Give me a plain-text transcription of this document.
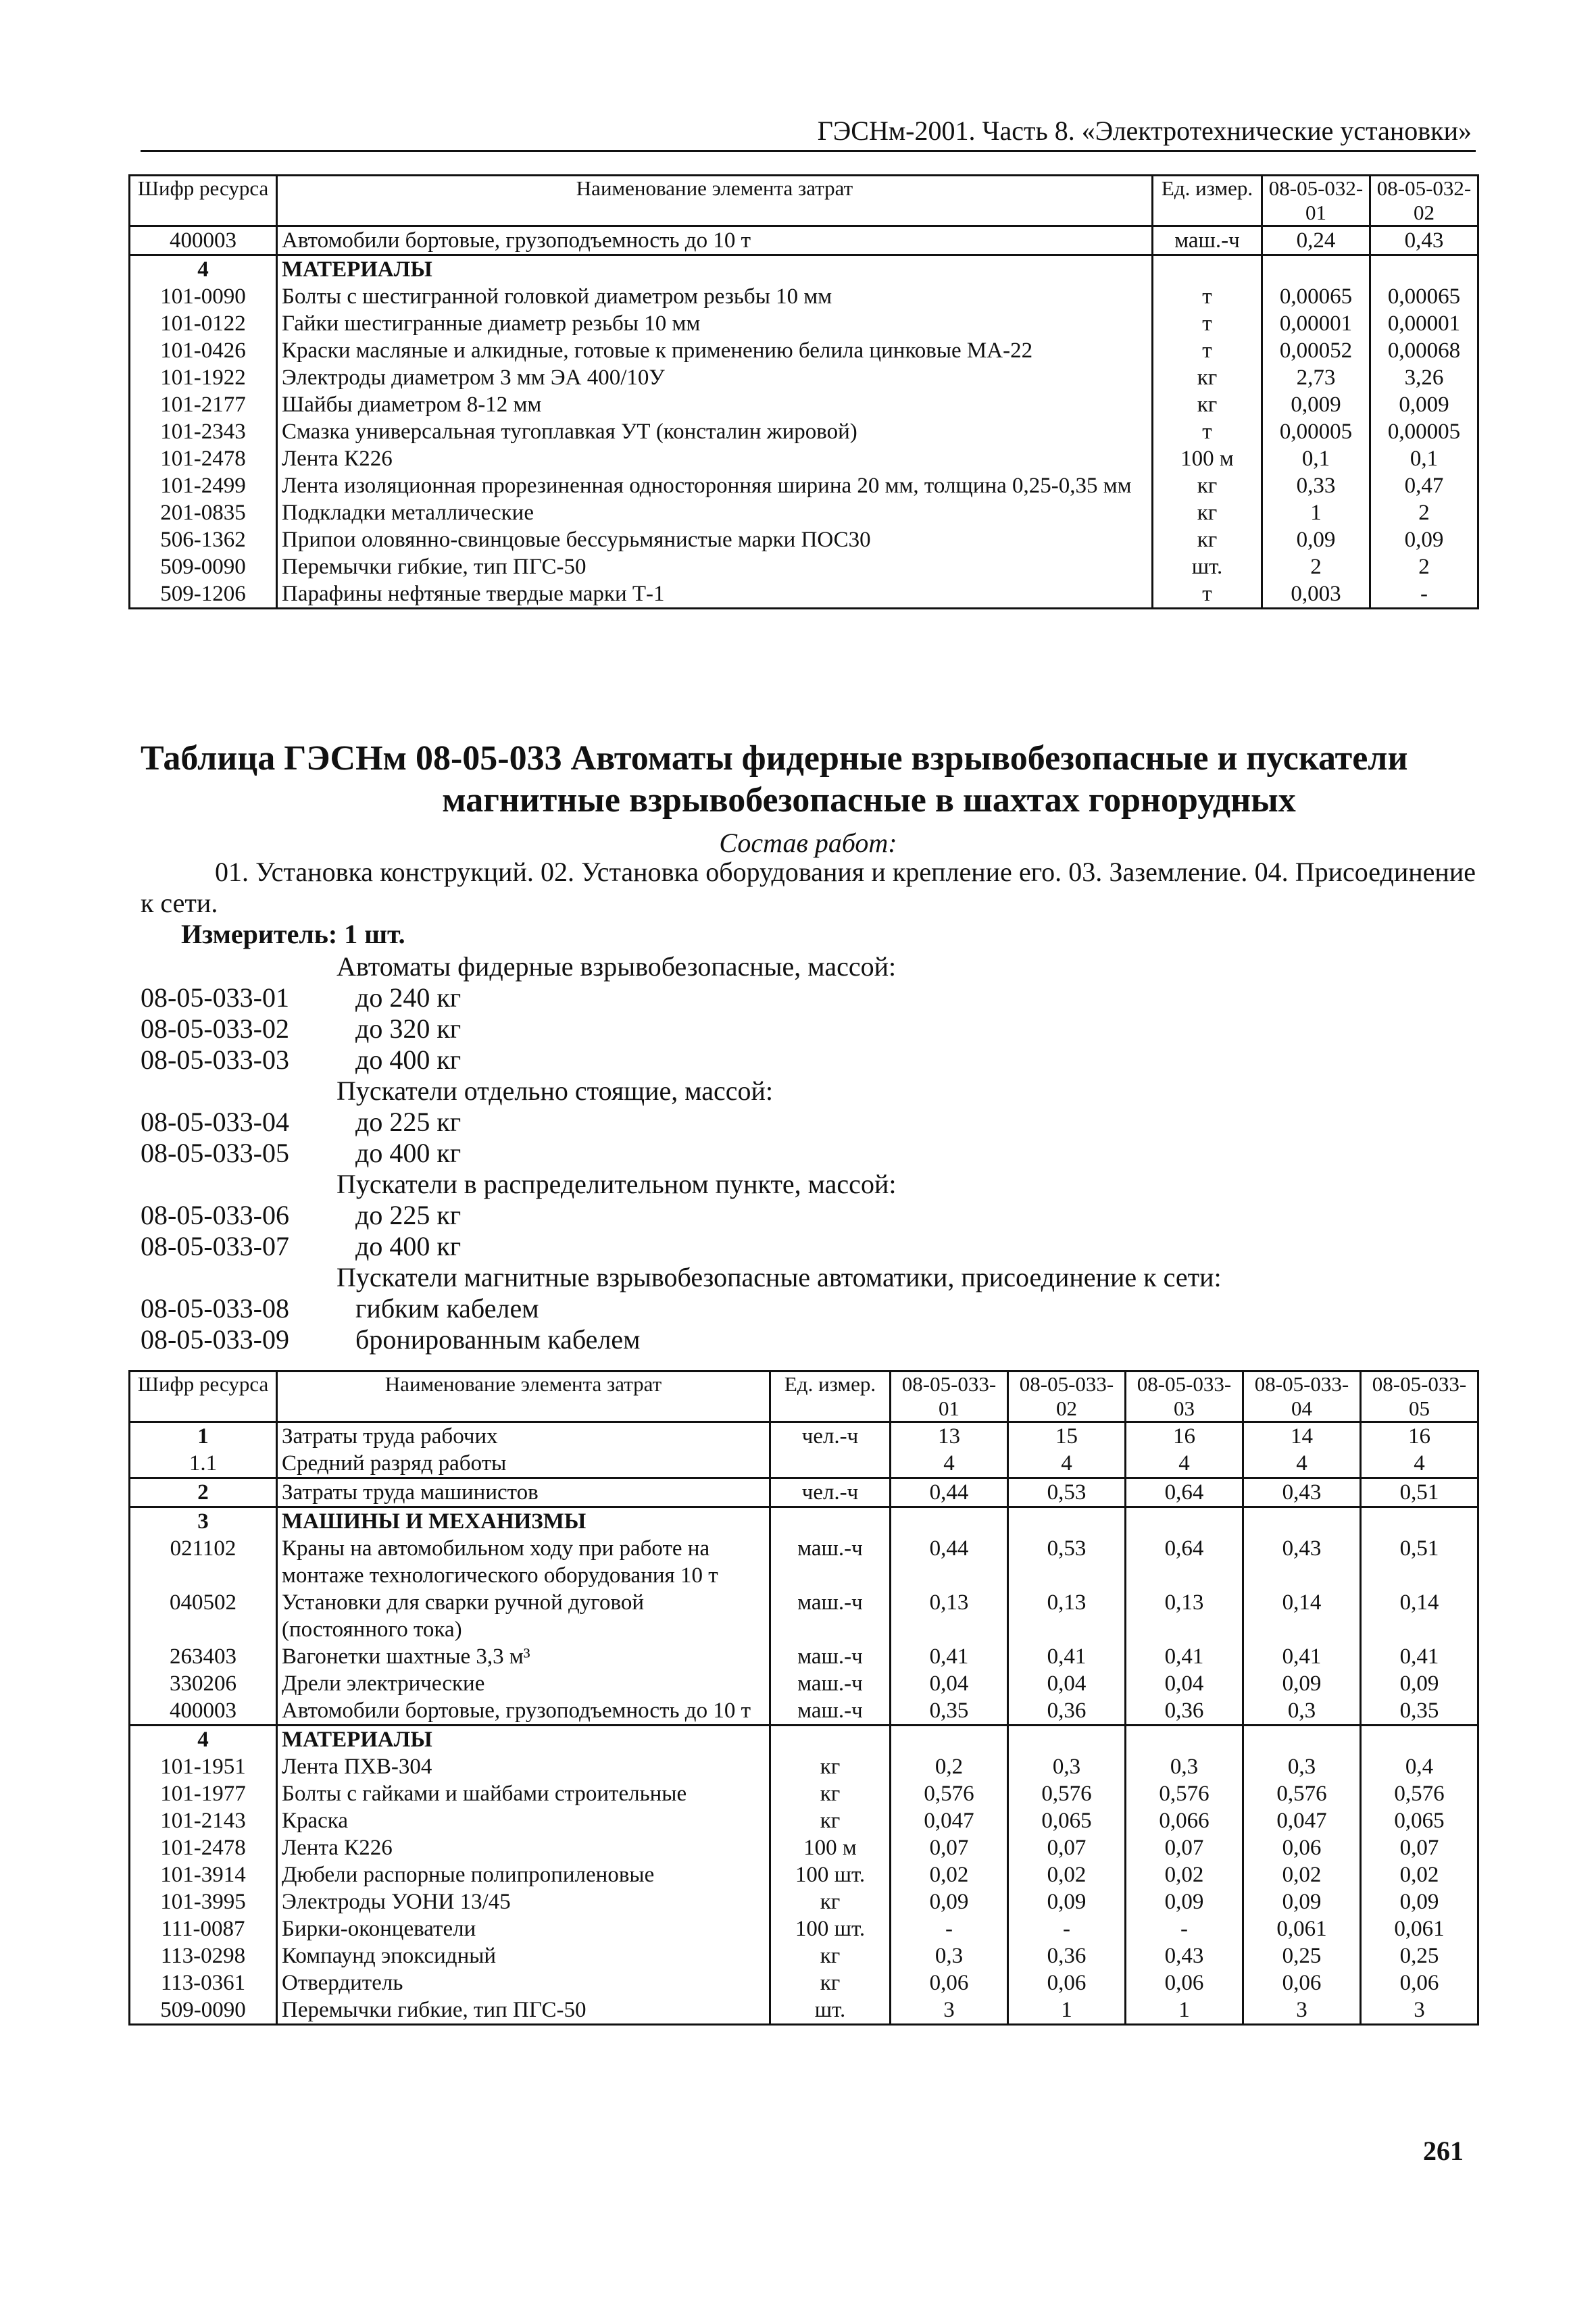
ГЭСНм-2001. Часть 8. «Электротехнические установки»
Шифр ресурса	Наименование элемента затрат	Ед. измер.	08-05-032-01	08-05-032-02
400003	Автомобили бортовые, грузоподъемность до 10 т	маш.-ч	0,24	0,43
4	МАТЕРИАЛЫ			
101-0090	Болты с шестигранной головкой диаметром резьбы 10 мм	т	0,00065	0,00065
101-0122	Гайки шестигранные диаметр резьбы 10 мм	т	0,00001	0,00001
101-0426	Краски масляные и алкидные, готовые к применению белила цинковые МА-22	т	0,00052	0,00068
101-1922	Электроды диаметром 3 мм ЭА 400/10У	кг	2,73	3,26
101-2177	Шайбы диаметром 8-12 мм	кг	0,009	0,009
101-2343	Смазка универсальная тугоплавкая УТ (консталин жировой)	т	0,00005	0,00005
101-2478	Лента К226	100 м	0,1	0,1
101-2499	Лента изоляционная прорезиненная односторонняя ширина 20 мм, толщина 0,25-0,35 мм	кг	0,33	0,47
201-0835	Подкладки металлические	кг	1	2
506-1362	Припои оловянно-свинцовые бессурьмянистые марки ПОС30	кг	0,09	0,09
509-0090	Перемычки гибкие, тип ПГС-50	шт.	2	2
509-1206	Парафины нефтяные твердые марки Т-1	т	0,003	-
Таблица ГЭСНм 08-05-033 Автоматы фидерные взрывобезопасные и пускатели
магнитные взрывобезопасные в шахтах горнорудных
Состав работ:
01. Установка конструкций. 02. Установка оборудования и крепление его. 03. Заземление. 04. Присоединение к сети.
Измеритель: 1 шт.
Автоматы фидерные взрывобезопасные, массой:
08-05-033-01	до 240 кг
08-05-033-02	до 320 кг
08-05-033-03	до 400 кг
Пускатели отдельно стоящие, массой:
08-05-033-04	до 225 кг
08-05-033-05	до 400 кг
Пускатели в распределительном пункте, массой:
08-05-033-06	до 225 кг
08-05-033-07	до 400 кг
Пускатели магнитные взрывобезопасные автоматики, присоединение к сети:
08-05-033-08	гибким кабелем
08-05-033-09	бронированным кабелем
Шифр ресурса	Наименование элемента затрат	Ед. измер.	08-05-033-01	08-05-033-02	08-05-033-03	08-05-033-04	08-05-033-05
1	Затраты труда рабочих	чел.-ч	13	15	16	14	16
1.1	Средний разряд работы		4	4	4	4	4
2	Затраты труда машинистов	чел.-ч	0,44	0,53	0,64	0,43	0,51
3	МАШИНЫ И МЕХАНИЗМЫ						
021102	Краны на автомобильном ходу при работе на монтаже технологического оборудования 10 т	маш.-ч	0,44	0,53	0,64	0,43	0,51
040502	Установки для сварки ручной дуговой (постоянного тока)	маш.-ч	0,13	0,13	0,13	0,14	0,14
263403	Вагонетки шахтные 3,3 м³	маш.-ч	0,41	0,41	0,41	0,41	0,41
330206	Дрели электрические	маш.-ч	0,04	0,04	0,04	0,09	0,09
400003	Автомобили бортовые, грузоподъемность до 10 т	маш.-ч	0,35	0,36	0,36	0,3	0,35
4	МАТЕРИАЛЫ						
101-1951	Лента ПХВ-304	кг	0,2	0,3	0,3	0,3	0,4
101-1977	Болты с гайками и шайбами строительные	кг	0,576	0,576	0,576	0,576	0,576
101-2143	Краска	кг	0,047	0,065	0,066	0,047	0,065
101-2478	Лента К226	100 м	0,07	0,07	0,07	0,06	0,07
101-3914	Дюбели распорные полипропиленовые	100 шт.	0,02	0,02	0,02	0,02	0,02
101-3995	Электроды УОНИ 13/45	кг	0,09	0,09	0,09	0,09	0,09
111-0087	Бирки-оконцеватели	100 шт.	-	-	-	0,061	0,061
113-0298	Компаунд эпоксидный	кг	0,3	0,36	0,43	0,25	0,25
113-0361	Отвердитель	кг	0,06	0,06	0,06	0,06	0,06
509-0090	Перемычки гибкие, тип ПГС-50	шт.	3	1	1	3	3
261
